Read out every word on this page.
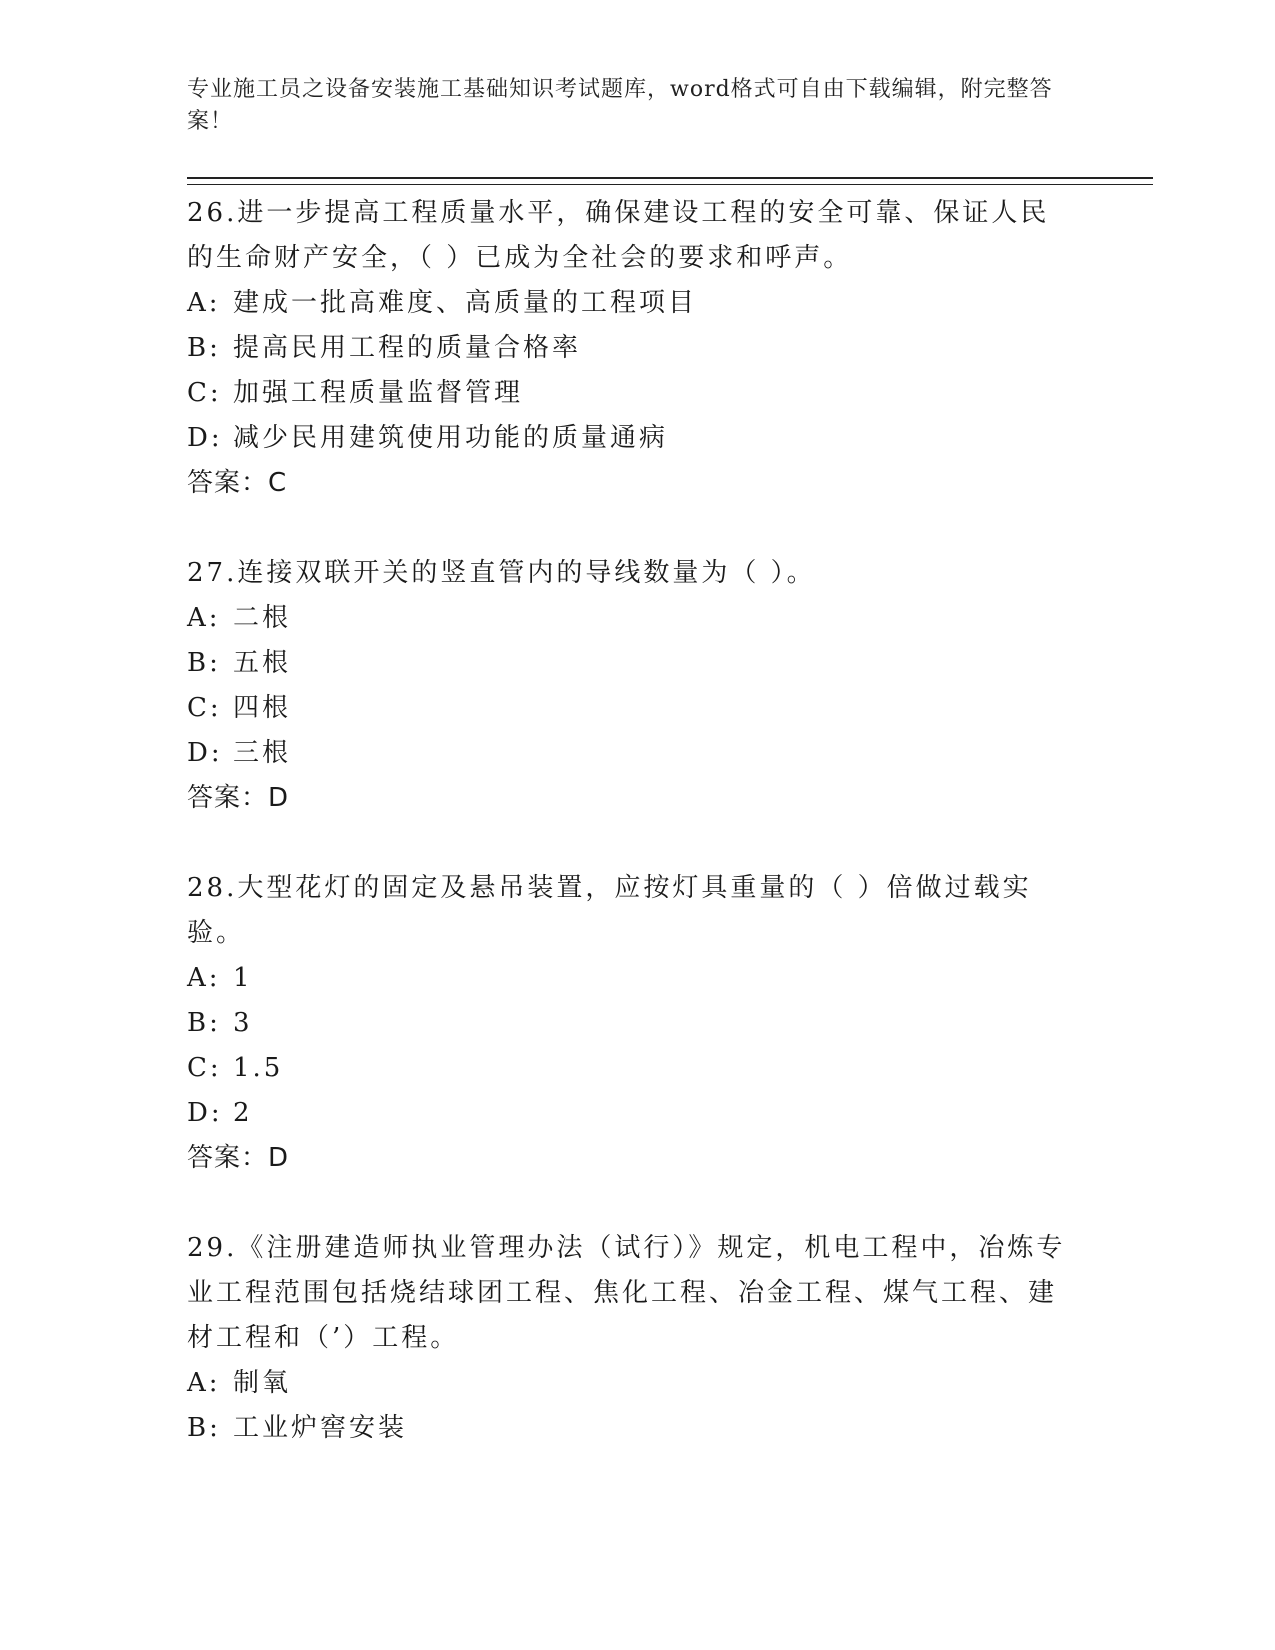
专业施工员之设备安装施工基础知识考试题库，word格式可自由下载编辑，附完整答案！

26.进一步提高工程质量水平，确保建设工程的安全可靠、保证人民的生命财产安全，（ ）已成为全社会的要求和呼声。

A: 建成一批高难度、高质量的工程项目

B: 提高民用工程的质量合格率

C: 加强工程质量监督管理

D: 减少民用建筑使用功能的质量通病

答案：C

27.连接双联开关的竖直管内的导线数量为（ ）。

A: 二根

B: 五根

C: 四根

D: 三根

答案：D

28.大型花灯的固定及悬吊装置，应按灯具重量的（ ）倍做过载实验。

A: 1

B: 3

C: 1.5

D: 2

答案：D

29.《注册建造师执业管理办法（试行）》规定，机电工程中，冶炼专业工程范围包括烧结球团工程、焦化工程、冶金工程、煤气工程、建材工程和（’）工程。

A: 制氧

B: 工业炉窖安装
